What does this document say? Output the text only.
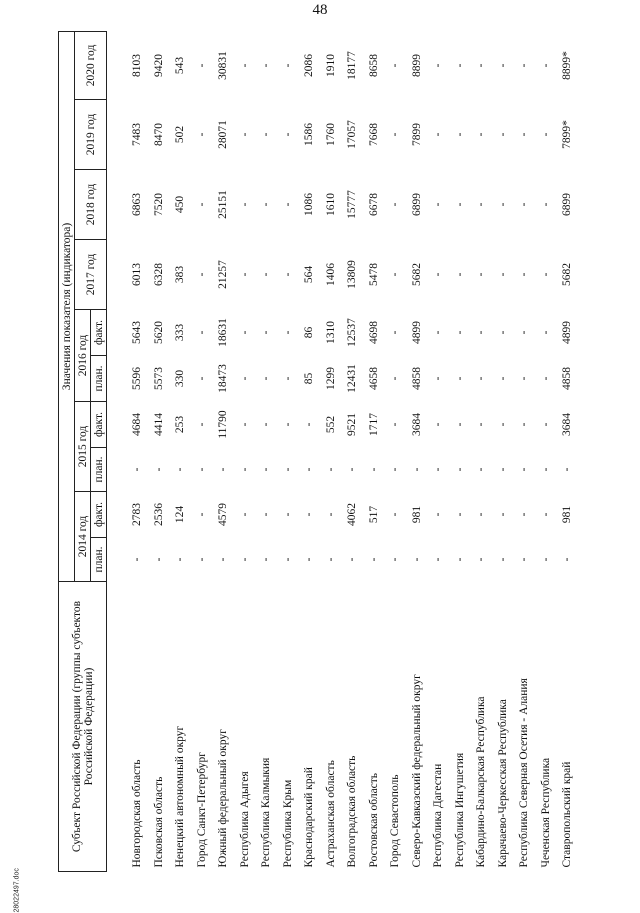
48
Субъект Российской Федерации (группы субъектов Российской Федерации)	Значения показателя (индикатора)									
	2014 год		2015 год		2016 год		2017 год	2018 год	2019 год	2020 год
	план.	факт.	план.	факт.	план.	факт.				
Новгородская область	-	2783	-	4684	5596	5643	6013	6863	7483	8103
Псковская область	-	2536	-	4414	5573	5620	6328	7520	8470	9420
Ненецкий автономный округ	-	124	-	253	330	333	383	450	502	543
Город Санкт-Петербург	-	-	-	-	-	-	-	-	-	-
Южный федеральный округ	-	4579	-	11790	18473	18631	21257	25151	28071	30831
Республика Адыгея	-	-	-	-	-	-	-	-	-	-
Республика Калмыкия	-	-	-	-	-	-	-	-	-	-
Республика Крым	-	-	-	-	-	-	-	-	-	-
Краснодарский край	-	-	-	-	85	86	564	1086	1586	2086
Астраханская область	-	-	-	552	1299	1310	1406	1610	1760	1910
Волгоградская область	-	4062	-	9521	12431	12537	13809	15777	17057	18177
Ростовская область	-	517	-	1717	4658	4698	5478	6678	7668	8658
Город Севастополь	-	-	-	-	-	-	-	-	-	-
Северо-Кавказский федеральный округ	-	981	-	3684	4858	4899	5682	6899	7899	8899
Республика Дагестан	-	-	-	-	-	-	-	-	-	-
Республика Ингушетия	-	-	-	-	-	-	-	-	-	-
Кабардино-Балкарская Республика	-	-	-	-	-	-	-	-	-	-
Карачаево-Черкесская Республика	-	-	-	-	-	-	-	-	-	-
Республика Северная Осетия - Алания	-	-	-	-	-	-	-	-	-	-
Чеченская Республика	-	-	-	-	-	-	-	-	-	-
Ставропольский край	-	981	-	3684	4858	4899	5682	6899	7899*	8899*
28022497.doc
